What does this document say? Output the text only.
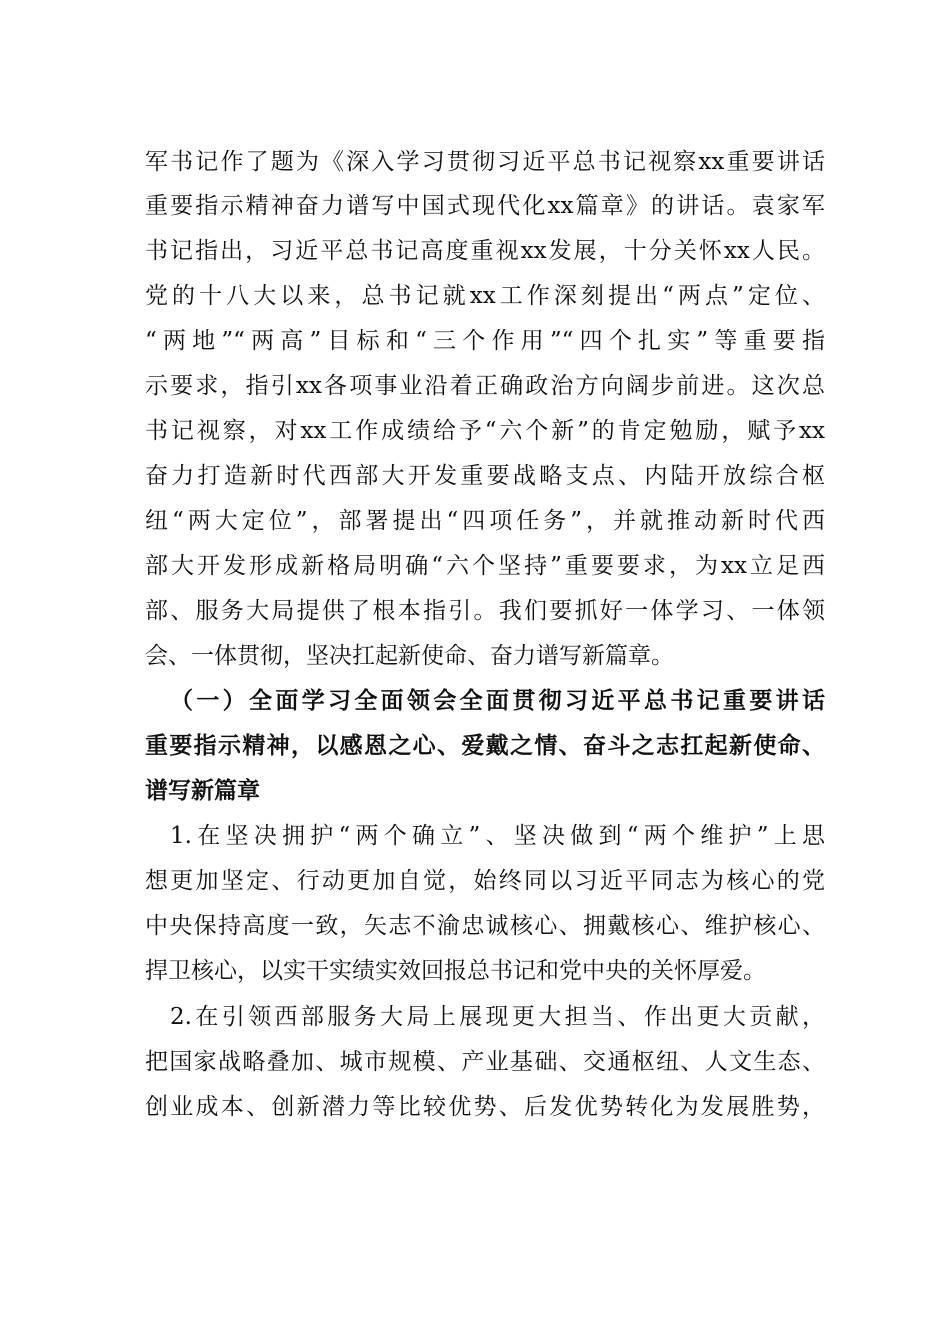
军书记作了题为《深入学习贯彻习近平总书记视察xx重要讲话
重要指示精神奋力谱写中国式现代化xx篇章》的讲话。袁家军
书记指出，习近平总书记高度重视xx发展，十分关怀xx人民。
党的十八大以来，总书记就xx工作深刻提出“两点”定位、
“两地”“两高”目标和“三个作用”“四个扎实”等重要指
示要求，指引xx各项事业沿着正确政治方向阔步前进。这次总
书记视察，对xx工作成绩给予“六个新”的肯定勉励，赋予xx
奋力打造新时代西部大开发重要战略支点、内陆开放综合枢
纽“两大定位”，部署提出“四项任务”，并就推动新时代西
部大开发形成新格局明确“六个坚持”重要要求，为xx立足西
部、服务大局提供了根本指引。我们要抓好一体学习、一体领
会、一体贯彻，坚决扛起新使命、奋力谱写新篇章。
（一）全面学习全面领会全面贯彻习近平总书记重要讲话
重要指示精神，以感恩之心、爱戴之情、奋斗之志扛起新使命、
谱写新篇章
1.在坚决拥护“两个确立”、坚决做到“两个维护”上思
想更加坚定、行动更加自觉，始终同以习近平同志为核心的党
中央保持高度一致，矢志不渝忠诚核心、拥戴核心、维护核心、
捍卫核心，以实干实绩实效回报总书记和党中央的关怀厚爱。
2.在引领西部服务大局上展现更大担当、作出更大贡献，
把国家战略叠加、城市规模、产业基础、交通枢纽、人文生态、
创业成本、创新潜力等比较优势、后发优势转化为发展胜势，
